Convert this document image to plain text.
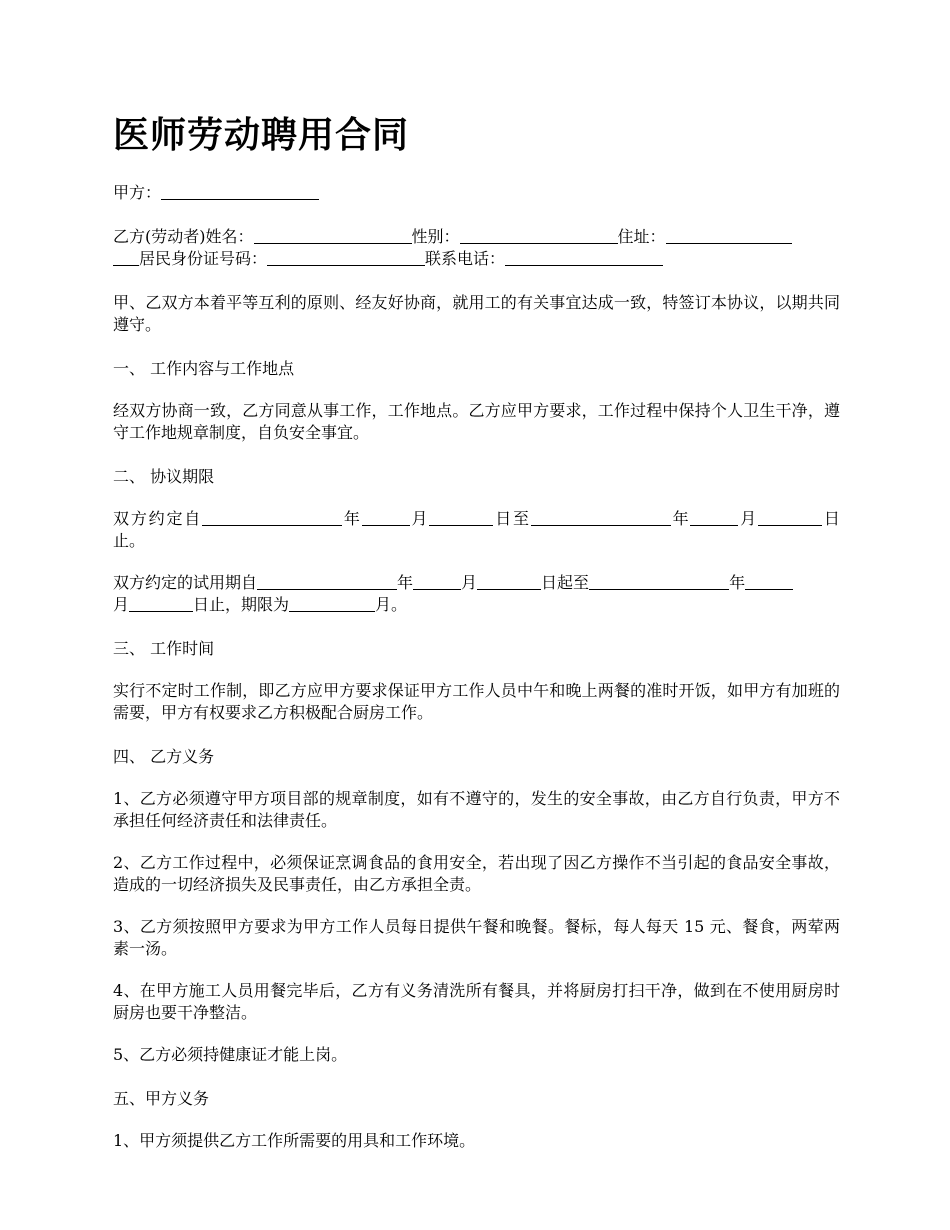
医师劳动聘用合同

甲方：

乙方(劳动者)姓名：	性别：	住址：
居民身份证号码：	联系电话：

甲、乙双方本着平等互利的原则、经友好协商，就用工的有关事宜达成一致，特签订本协议，以期共同遵守。

一、 工作内容与工作地点

经双方协商一致，乙方同意从事工作，工作地点。乙方应甲方要求，工作过程中保持个人卫生干净，遵守工作地规章制度，自负安全事宜。

二、 协议期限

双方约定自	年	月	日至	年	月	日止。

双方约定的试用期自	年	月	日起至	年
月	日止，期限为	月。

三、 工作时间

实行不定时工作制，即乙方应甲方要求保证甲方工作人员中午和晚上两餐的准时开饭，如甲方有加班的需要，甲方有权要求乙方积极配合厨房工作。

四、 乙方义务

1、乙方必须遵守甲方项目部的规章制度，如有不遵守的，发生的安全事故，由乙方自行负责，甲方不承担任何经济责任和法律责任。

2、乙方工作过程中，必须保证烹调食品的食用安全，若出现了因乙方操作不当引起的食品安全事故，造成的一切经济损失及民事责任，由乙方承担全责。

3、乙方须按照甲方要求为甲方工作人员每日提供午餐和晚餐。餐标，每人每天 15 元、餐食，两荤两素一汤。

4、在甲方施工人员用餐完毕后，乙方有义务清洗所有餐具，并将厨房打扫干净，做到在不使用厨房时厨房也要干净整洁。

5、乙方必须持健康证才能上岗。

五、甲方义务

1、甲方须提供乙方工作所需要的用具和工作环境。
